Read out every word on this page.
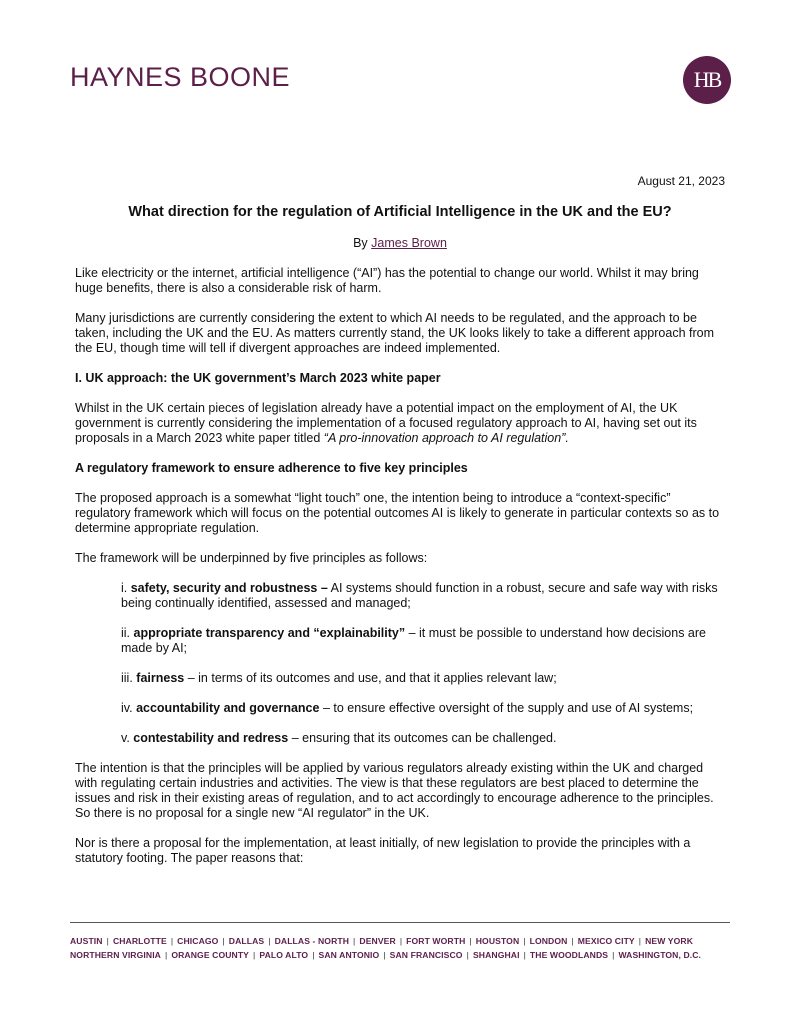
HAYNES BOONE	HB
August 21, 2023
What direction for the regulation of Artificial Intelligence in the UK and the EU?
By James Brown

Like electricity or the internet, artificial intelligence (“AI”) has the potential to change our world. Whilst it may bring huge benefits, there is also a considerable risk of harm.

Many jurisdictions are currently considering the extent to which AI needs to be regulated, and the approach to be taken, including the UK and the EU. As matters currently stand, the UK looks likely to take a different approach from the EU, though time will tell if divergent approaches are indeed implemented.

I. UK approach: the UK government’s March 2023 white paper

Whilst in the UK certain pieces of legislation already have a potential impact on the employment of AI, the UK government is currently considering the implementation of a focused regulatory approach to AI, having set out its proposals in a March 2023 white paper titled “A pro-innovation approach to AI regulation”.

A regulatory framework to ensure adherence to five key principles

The proposed approach is a somewhat “light touch” one, the intention being to introduce a “context-specific” regulatory framework which will focus on the potential outcomes AI is likely to generate in particular contexts so as to determine appropriate regulation.

The framework will be underpinned by five principles as follows:

i. safety, security and robustness – AI systems should function in a robust, secure and safe way with risks being continually identified, assessed and managed;

ii. appropriate transparency and “explainability” – it must be possible to understand how decisions are made by AI;

iii. fairness – in terms of its outcomes and use, and that it applies relevant law;

iv. accountability and governance – to ensure effective oversight of the supply and use of AI systems;

v. contestability and redress – ensuring that its outcomes can be challenged.

The intention is that the principles will be applied by various regulators already existing within the UK and charged with regulating certain industries and activities. The view is that these regulators are best placed to determine the issues and risk in their existing areas of regulation, and to act accordingly to encourage adherence to the principles. So there is no proposal for a single new “AI regulator” in the UK.

Nor is there a proposal for the implementation, at least initially, of new legislation to provide the principles with a statutory footing. The paper reasons that:

AUSTIN | CHARLOTTE | CHICAGO | DALLAS | DALLAS - NORTH | DENVER | FORT WORTH | HOUSTON | LONDON | MEXICO CITY | NEW YORK
NORTHERN VIRGINIA | ORANGE COUNTY | PALO ALTO | SAN ANTONIO | SAN FRANCISCO | SHANGHAI | THE WOODLANDS | WASHINGTON, D.C.
